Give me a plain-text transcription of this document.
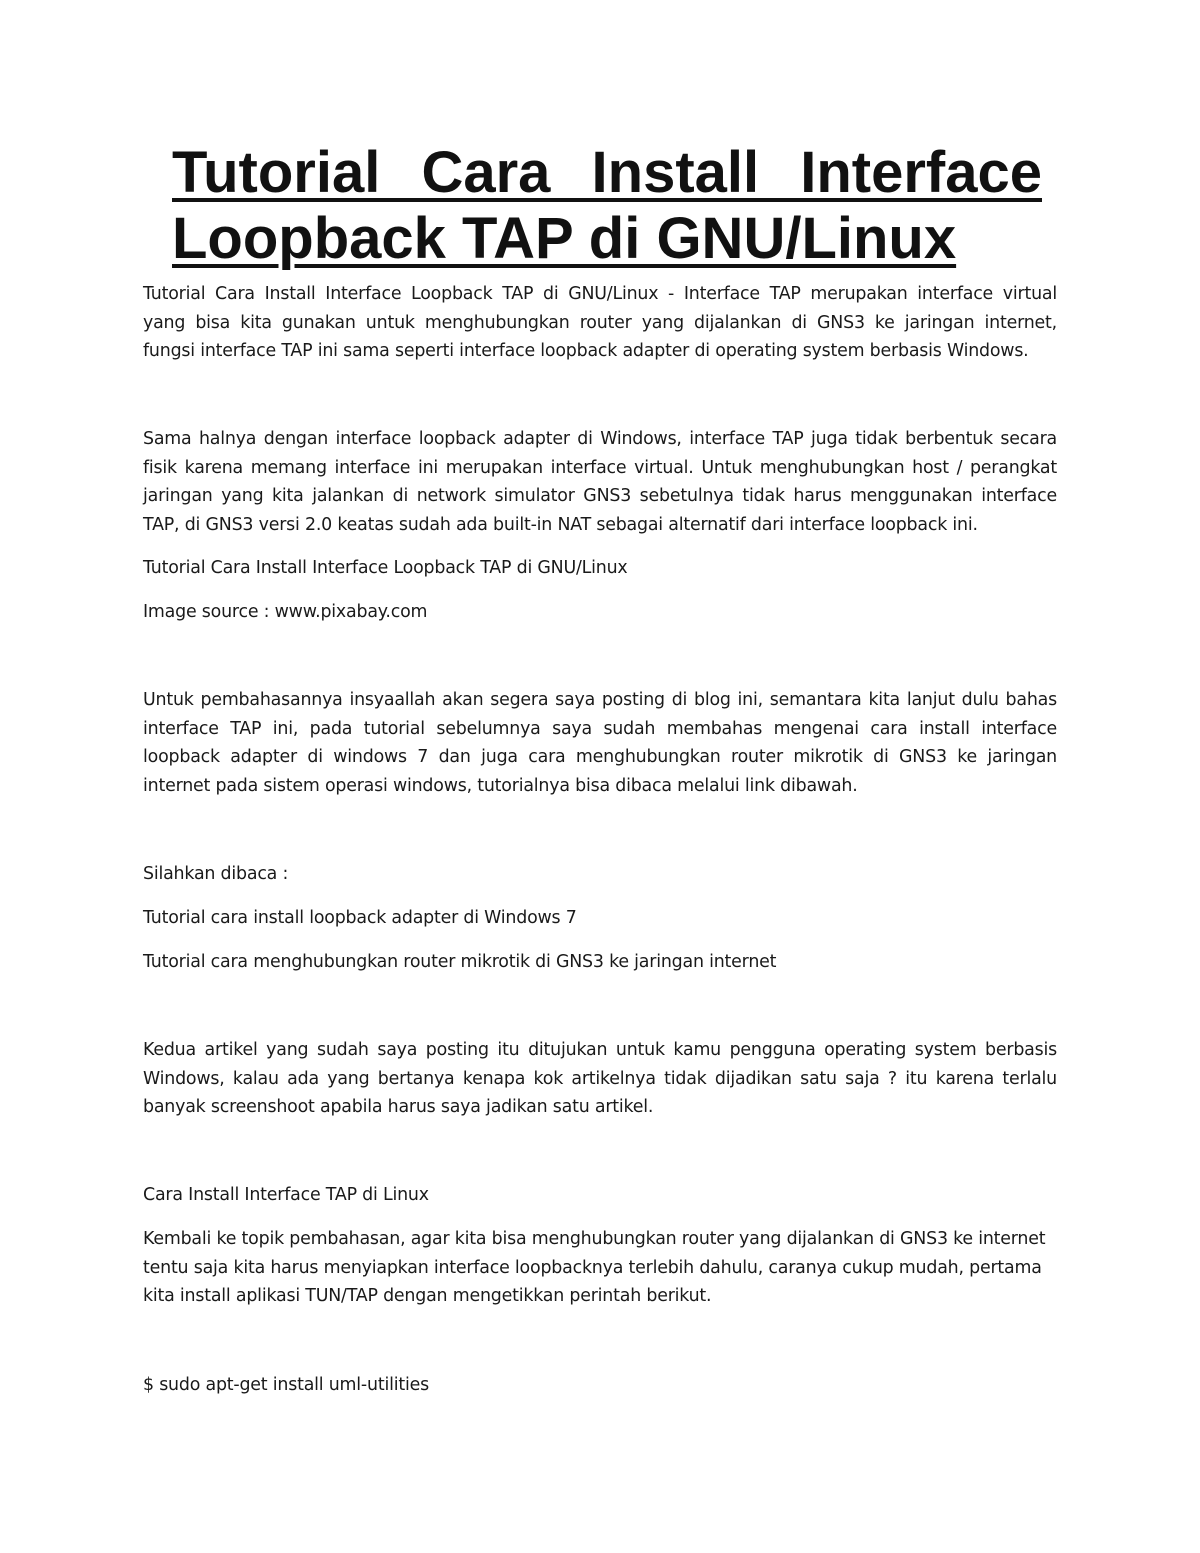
Tutorial Cara Install Interface
Loopback TAP di GNU/Linux
Tutorial Cara Install Interface Loopback TAP di GNU/Linux - Interface TAP merupakan interface virtual
yang bisa kita gunakan untuk menghubungkan router yang dijalankan di GNS3 ke jaringan internet,
fungsi interface TAP ini sama seperti interface loopback adapter di operating system berbasis Windows.
Sama halnya dengan interface loopback adapter di Windows, interface TAP juga tidak berbentuk secara
fisik karena memang interface ini merupakan interface virtual. Untuk menghubungkan host / perangkat
jaringan yang kita jalankan di network simulator GNS3 sebetulnya tidak harus menggunakan interface
TAP, di GNS3 versi 2.0 keatas sudah ada built-in NAT sebagai alternatif dari interface loopback ini.

Tutorial Cara Install Interface Loopback TAP di GNU/Linux

Image source : www.pixabay.com

Untuk pembahasannya insyaallah akan segera saya posting di blog ini, semantara kita lanjut dulu bahas
interface TAP ini, pada tutorial sebelumnya saya sudah membahas mengenai cara install interface
loopback adapter di windows 7 dan juga cara menghubungkan router mikrotik di GNS3 ke jaringan
internet pada sistem operasi windows, tutorialnya bisa dibaca melalui link dibawah.

Silahkan dibaca :

Tutorial cara install loopback adapter di Windows 7

Tutorial cara menghubungkan router mikrotik di GNS3 ke jaringan internet

Kedua artikel yang sudah saya posting itu ditujukan untuk kamu pengguna operating system berbasis
Windows, kalau ada yang bertanya kenapa kok artikelnya tidak dijadikan satu saja ? itu karena terlalu
banyak screenshoot apabila harus saya jadikan satu artikel.

Cara Install Interface TAP di Linux

Kembali ke topik pembahasan, agar kita bisa menghubungkan router yang dijalankan di GNS3 ke internet
tentu saja kita harus menyiapkan interface loopbacknya terlebih dahulu, caranya cukup mudah, pertama
kita install aplikasi TUN/TAP dengan mengetikkan perintah berikut.

$ sudo apt-get install uml-utilities
